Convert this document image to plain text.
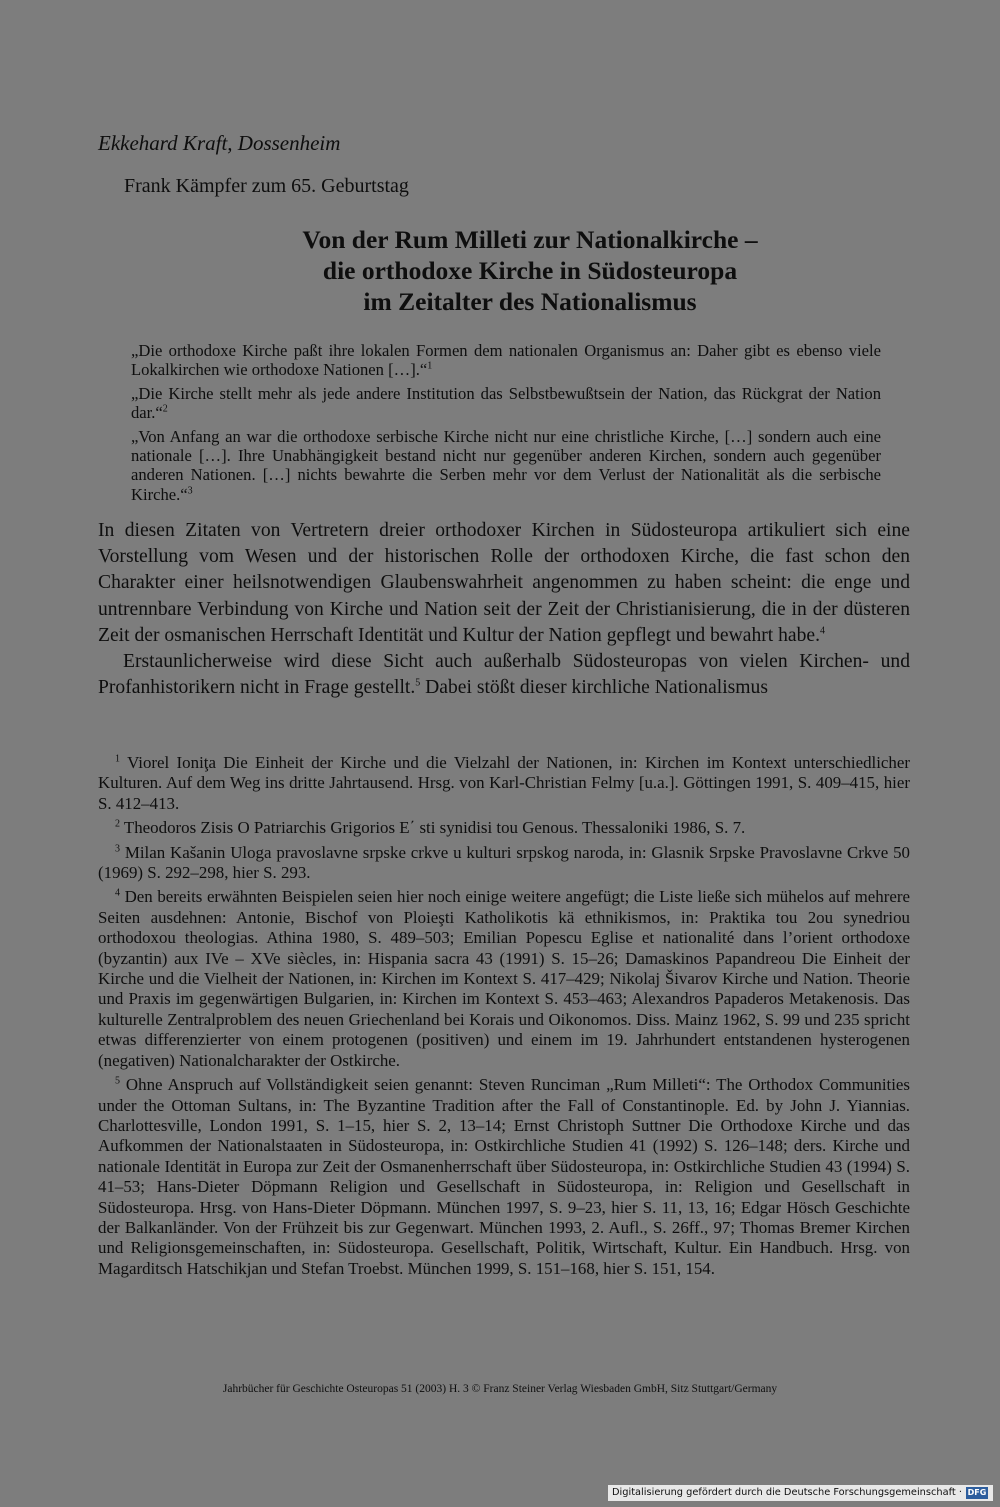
Ekkehard Kraft, Dossenheim
Frank Kämpfer zum 65. Geburtstag
Von der Rum Milleti zur Nationalkirche –
die orthodoxe Kirche in Südosteuropa
im Zeitalter des Nationalismus
„Die orthodoxe Kirche paßt ihre lokalen Formen dem nationalen Organismus an: Daher gibt es ebenso viele Lokalkirchen wie orthodoxe Nationen […].“$^1$
„Die Kirche stellt mehr als jede andere Institution das Selbstbewußtsein der Nation, das Rückgrat der Nation dar.“$^2$
„Von Anfang an war die orthodoxe serbische Kirche nicht nur eine christliche Kirche, […] sondern auch eine nationale […]. Ihre Unabhängigkeit bestand nicht nur gegenüber anderen Kirchen, sondern auch gegenüber anderen Nationen. […] nichts bewahrte die Serben mehr vor dem Verlust der Nationalität als die serbische Kirche.“$^3$

In diesen Zitaten von Vertretern dreier orthodoxer Kirchen in Südosteuropa artikuliert sich eine Vorstellung vom Wesen und der historischen Rolle der orthodoxen Kirche, die fast schon den Charakter einer heilsnotwendigen Glaubenswahrheit angenommen zu haben scheint: die enge und untrennbare Verbindung von Kirche und Nation seit der Zeit der Christianisierung, die in der düsteren Zeit der osmanischen Herrschaft Identität und Kultur der Nation gepflegt und bewahrt habe.$^4$

Erstaunlicherweise wird diese Sicht auch außerhalb Südosteuropas von vielen Kirchen- und Profanhistorikern nicht in Frage gestellt.$^5$ Dabei stößt dieser kirchliche Nationalismus

$^1$ Viorel Ioniţa Die Einheit der Kirche und die Vielzahl der Nationen, in: Kirchen im Kontext unterschiedlicher Kulturen. Auf dem Weg ins dritte Jahrtausend. Hrsg. von Karl-Christian Felmy [u.a.]. Göttingen 1991, S. 409–415, hier S. 412–413.
$^2$ Theodoros Zisis O Patriarchis Grigorios E΄ sti synidisi tou Genous. Thessaloniki 1986, S. 7.
$^3$ Milan Kašanin Uloga pravoslavne srpske crkve u kulturi srpskog naroda, in: Glasnik Srpske Pravoslavne Crkve 50 (1969) S. 292–298, hier S. 293.
$^4$ Den bereits erwähnten Beispielen seien hier noch einige weitere angefügt; die Liste ließe sich mühelos auf mehrere Seiten ausdehnen: Antonie, Bischof von Ploieşti Katholikotis kä ethnikismos, in: Praktika tou 2ou synedriou orthodoxou theologias. Athina 1980, S. 489–503; Emilian Popescu Eglise et nationalité dans l’orient orthodoxe (byzantin) aux IVe – XVe siècles, in: Hispania sacra 43 (1991) S. 15–26; Damaskinos Papandreou Die Einheit der Kirche und die Vielheit der Nationen, in: Kirchen im Kontext S. 417–429; Nikolaj Šivarov Kirche und Nation. Theorie und Praxis im gegenwärtigen Bulgarien, in: Kirchen im Kontext S. 453–463; Alexandros Papaderos Metakenosis. Das kulturelle Zentralproblem des neuen Griechenland bei Korais und Oikonomos. Diss. Mainz 1962, S. 99 und 235 spricht etwas differenzierter von einem protogenen (positiven) und einem im 19. Jahrhundert entstandenen hysterogenen (negativen) Nationalcharakter der Ostkirche.
$^5$ Ohne Anspruch auf Vollständigkeit seien genannt: Steven Runciman „Rum Milleti“: The Orthodox Communities under the Ottoman Sultans, in: The Byzantine Tradition after the Fall of Constantinople. Ed. by John J. Yiannias. Charlottesville, London 1991, S. 1–15, hier S. 2, 13–14; Ernst Christoph Suttner Die Orthodoxe Kirche und das Aufkommen der Nationalstaaten in Südosteuropa, in: Ostkirchliche Studien 41 (1992) S. 126–148; ders. Kirche und nationale Identität in Europa zur Zeit der Osmanenherrschaft über Südosteuropa, in: Ostkirchliche Studien 43 (1994) S. 41–53; Hans-Dieter Döpmann Religion und Gesellschaft in Südosteuropa, in: Religion und Gesellschaft in Südosteuropa. Hrsg. von Hans-Dieter Döpmann. München 1997, S. 9–23, hier S. 11, 13, 16; Edgar Hösch Geschichte der Balkanländer. Von der Frühzeit bis zur Gegenwart. München 1993, 2. Aufl., S. 26ff., 97; Thomas Bremer Kirchen und Religionsgemeinschaften, in: Südosteuropa. Gesellschaft, Politik, Wirtschaft, Kultur. Ein Handbuch. Hrsg. von Magarditsch Hatschikjan und Stefan Troebst. München 1999, S. 151–168, hier S. 151, 154.
Jahrbücher für Geschichte Osteuropas 51 (2003) H. 3 © Franz Steiner Verlag Wiesbaden GmbH, Sitz Stuttgart/Germany
Digitalisierung gefördert durch die Deutsche Forschungsgemeinschaft · DFG
